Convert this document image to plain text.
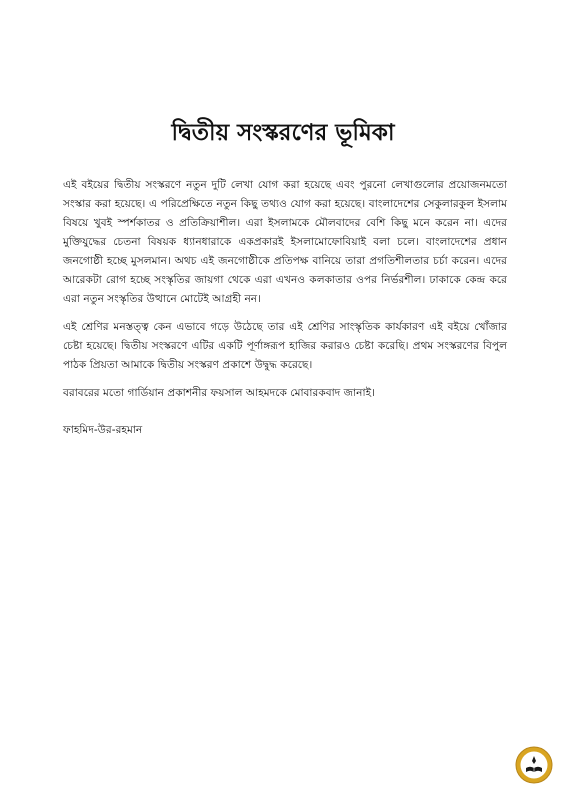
দ্বিতীয় সংস্করণের ভূমিকা

এই বইয়ের দ্বিতীয় সংস্করণে নতুন দুটি লেখা যোগ করা হয়েছে এবং পুরনো লেখাগুলোর প্রয়োজনমতো সংস্কার করা হয়েছে। এ পরিপ্রেক্ষিতে নতুন কিছু তথ্যও যোগ করা হয়েছে। বাংলাদেশের সেকুলারকুল ইসলাম বিষয়ে খুবই স্পর্শকাতর ও প্রতিক্রিয়াশীল। এরা ইসলামকে মৌলবাদের বেশি কিছু মনে করেন না। এদের মুক্তিযুদ্ধের চেতনা বিষয়ক ধ্যানধারাকে একপ্রকারই ইসলামোফোবিয়াই বলা চলে। বাংলাদেশের প্রধান জনগোষ্ঠী হচ্ছে মুসলমান। অথচ এই জনগোষ্ঠীকে প্রতিপক্ষ বানিয়ে তারা প্রগতিশীলতার চর্চা করেন। এদের আরেকটা রোগ হচ্ছে সংস্কৃতির জায়গা থেকে এরা এখনও কলকাতার ওপর নির্ভরশীল। ঢাকাকে কেন্দ্র করে এরা নতুন সংস্কৃতির উত্থানে মোটেই আগ্রহী নন।

এই শ্রেণির মনস্তত্ত্ব কেন এভাবে গড়ে উঠেছে তার এই শ্রেণির সাংস্কৃতিক কার্যকারণ এই বইয়ে খোঁজার চেষ্টা হয়েছে। দ্বিতীয় সংস্করণে এটির একটি পূর্ণাঙ্গরূপ হাজির করারও চেষ্টা করেছি। প্রথম সংস্করণের বিপুল পাঠক প্রিয়তা আমাকে দ্বিতীয় সংস্করণ প্রকাশে উদ্বুদ্ধ করেছে।

বরাবরের মতো গার্ডিয়ান প্রকাশনীর ফয়সাল আহমদকে মোবারকবাদ জানাই।

ফাহমিদ-উর-রহমান
